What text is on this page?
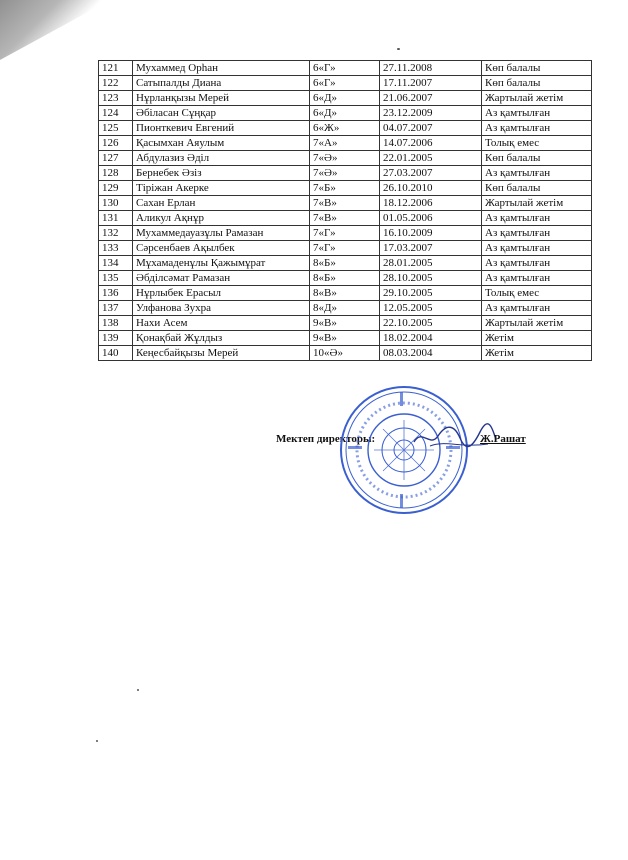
121	Мухаммед Орһан	6«Г»	27.11.2008	Көп балалы
122	Сатыпалды Диана	6«Г»	17.11.2007	Көп балалы
123	Нұрланқызы Мерей	6«Д»	21.06.2007	Жартылай жетім
124	Әбіласан Сұңқар	6«Д»	23.12.2009	Аз қамтылған
125	Пионткевич Евгений	6«Ж»	04.07.2007	Аз қамтылған
126	Қасымхан Аяулым	7«А»	14.07.2006	Толық емес
127	Абдулазиз Әділ	7«Ә»	22.01.2005	Көп балалы
128	Бернебек Әзіз	7«Ә»	27.03.2007	Аз қамтылған
129	Тіріжан Акерке	7«Б»	26.10.2010	Көп балалы
130	Сахан Ерлан	7«В»	18.12.2006	Жартылай жетім
131	Аликул Ақнұр	7«В»	01.05.2006	Аз қамтылған
132	Мухаммедауазұлы Рамазан	7«Г»	16.10.2009	Аз қамтылған
133	Сәрсенбаев Ақылбек	7«Г»	17.03.2007	Аз қамтылған
134	Мұхамаденұлы Қажымұрат	8«Б»	28.01.2005	Аз қамтылған
135	Әбділсәмат Рамазан	8«Б»	28.10.2005	Аз қамтылған
136	Нұрлыбек Ерасыл	8«В»	29.10.2005	Толық емес
137	Улфанова Зухра	8«Д»	12.05.2005	Аз қамтылған
138	Нахи Асем	9«В»	22.10.2005	Жартылай жетім
139	Қонақбай Жұлдыз	9«В»	18.02.2004	Жетім
140	Кеңесбайқызы Мерей	10«Ә»	08.03.2004	Жетім
Мектеп директоры:	Ж.Рашат
